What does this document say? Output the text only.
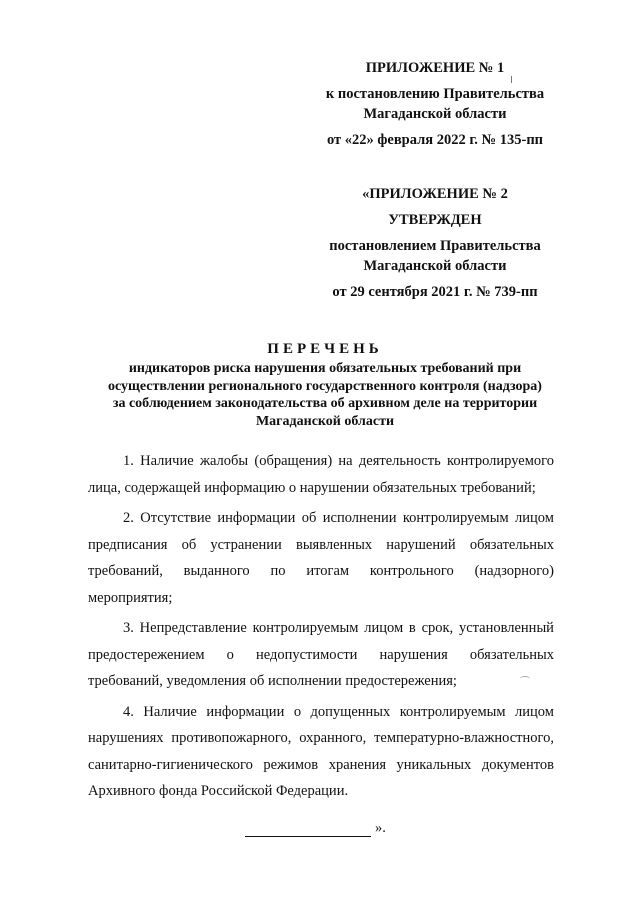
ПРИЛОЖЕНИЕ № 1
к постановлению Правительства
Магаданской области
от «22» февраля 2022 г. № 135-пп
«ПРИЛОЖЕНИЕ № 2
УТВЕРЖДЕН
постановлением Правительства
Магаданской области
от 29 сентября 2021 г. № 739-пп
ПЕРЕЧЕНЬ
индикаторов риска нарушения обязательных требований при
осуществлении регионального государственного контроля (надзора)
за соблюдением законодательства об архивном деле на территории
Магаданской области
1. Наличие жалобы (обращения) на деятельность контролируемого
лица, содержащей информацию о нарушении обязательных требований;
2. Отсутствие информации об исполнении контролируемым лицом
предписания об устранении выявленных нарушений обязательных
требований, выданного по итогам контрольного (надзорного)
мероприятия;
3. Непредставление контролируемым лицом в срок, установленный
предостережением о недопустимости нарушения обязательных
требований, уведомления об исполнении предостережения;
4. Наличие информации о допущенных контролируемым лицом
нарушениях противопожарного, охранного, температурно-влажностного,
санитарно-гигиенического режимов хранения уникальных документов
Архивного фонда Российской Федерации.
».
